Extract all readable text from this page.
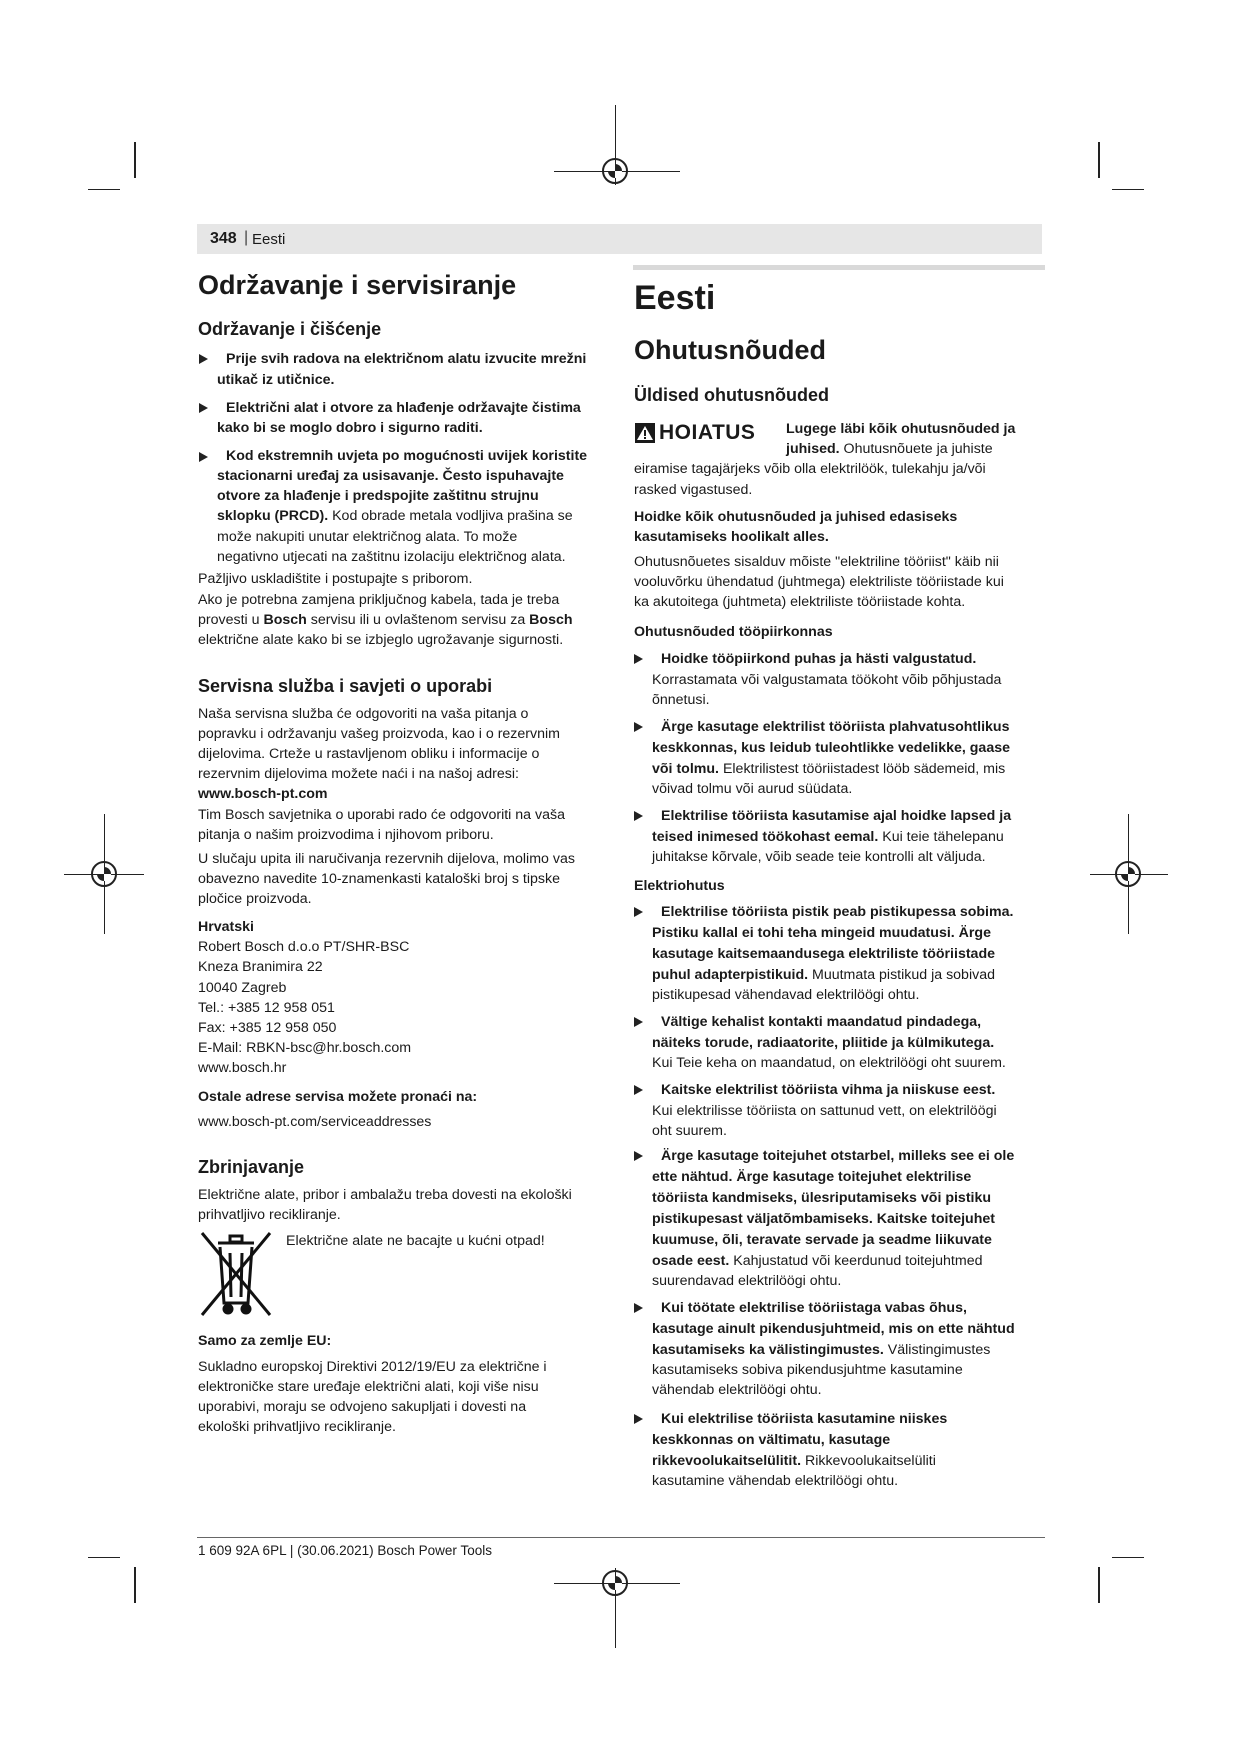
348 | Eesti
Održavanje i servisiranje
Održavanje i čišćenje
Prije svih radova na električnom alatu izvucite mrežni
utikač iz utičnice.
Električni alat i otvore za hlađenje održavajte čistima
kako bi se moglo dobro i sigurno raditi.
Kod ekstremnih uvjeta po mogućnosti uvijek koristite
stacionarni uređaj za usisavanje. Često ispuhavajte
otvore za hlađenje i predspojite zaštitnu strujnu
sklopku (PRCD). Kod obrade metala vodljiva prašina se
može nakupiti unutar električnog alata. To može
negativno utjecati na zaštitnu izolaciju električnog alata.
Pažljivo uskladištite i postupajte s priborom.
Ako je potrebna zamjena priključnog kabela, tada je treba
provesti u Bosch servisu ili u ovlaštenom servisu za Bosch
električne alate kako bi se izbjeglo ugrožavanje sigurnosti.
Servisna služba i savjeti o uporabi
Naša servisna služba će odgovoriti na vaša pitanja o
popravku i održavanju vašeg proizvoda, kao i o rezervnim
dijelovima. Crteže u rastavljenom obliku i informacije o
rezervnim dijelovima možete naći i na našoj adresi:
www.bosch-pt.com
Tim Bosch savjetnika o uporabi rado će odgovoriti na vaša
pitanja o našim proizvodima i njihovom priboru.
U slučaju upita ili naručivanja rezervnih dijelova, molimo vas
obavezno navedite 10-znamenkasti kataloški broj s tipske
pločice proizvoda.
Hrvatski
Robert Bosch d.o.o PT/SHR-BSC
Kneza Branimira 22
10040 Zagreb
Tel.: +385 12 958 051
Fax: +385 12 958 050
E-Mail: RBKN-bsc@hr.bosch.com
www.bosch.hr
Ostale adrese servisa možete pronaći na:
www.bosch-pt.com/serviceaddresses
Zbrinjavanje
Električne alate, pribor i ambalažu treba dovesti na ekološki
prihvatljivo recikliranje.
Električne alate ne bacajte u kućni otpad!
Samo za zemlje EU:
Sukladno europskoj Direktivi 2012/19/EU za električne i
elektroničke stare uređaje električni alati, koji više nisu
uporabivi, moraju se odvojeno sakupljati i dovesti na
ekološki prihvatljivo recikliranje.
Eesti
Ohutusnõuded
Üldised ohutusnõuded
HOIATUS Lugege läbi kõik ohutusnõuded ja
juhised. Ohutusnõuete ja juhiste
eiramise tagajärjeks võib olla elektrilöök, tulekahju ja/või
rasked vigastused.
Hoidke kõik ohutusnõuded ja juhised edasiseks
kasutamiseks hoolikalt alles.
Ohutusnõuetes sisalduv mõiste "elektriline tööriist" käib nii
vooluvõrku ühendatud (juhtmega) elektriliste tööriistade kui
ka akutoitega (juhtmeta) elektriliste tööriistade kohta.
Ohutusnõuded tööpiirkonnas
Hoidke tööpiirkond puhas ja hästi valgustatud.
Korrastamata või valgustamata töökoht võib põhjustada
õnnetusi.
Ärge kasutage elektrilist tööriista plahvatusohtlikus
keskkonnas, kus leidub tuleohtlikke vedelikke, gaase
või tolmu. Elektrilistest tööriistadest lööb sädemeid, mis
võivad tolmu või aurud süüdata.
Elektrilise tööriista kasutamise ajal hoidke lapsed ja
teised inimesed töökohast eemal. Kui teie tähelepanu
juhitakse kõrvale, võib seade teie kontrolli alt väljuda.
Elektriohutus
Elektrilise tööriista pistik peab pistikupessa sobima.
Pistiku kallal ei tohi teha mingeid muudatusi. Ärge
kasutage kaitsemaandusega elektriliste tööriistade
puhul adapterpistikuid. Muutmata pistikud ja sobivad
pistikupesad vähendavad elektrilöögi ohtu.
Vältige kehalist kontakti maandatud pindadega,
näiteks torude, radiaatorite, pliitide ja külmikutega.
Kui Teie keha on maandatud, on elektrilöögi oht suurem.
Kaitske elektrilist tööriista vihma ja niiskuse eest.
Kui elektrilisse tööriista on sattunud vett, on elektrilöögi
oht suurem.
Ärge kasutage toitejuhet otstarbel, milleks see ei ole
ette nähtud. Ärge kasutage toitejuhet elektrilise
tööriista kandmiseks, ülesriputamiseks või pistiku
pistikupesast väljatõmbamiseks. Kaitske toitejuhet
kuumuse, õli, teravate servade ja seadme liikuvate
osade eest. Kahjustatud või keerdunud toitejuhtmed
suurendavad elektrilöögi ohtu.
Kui töötate elektrilise tööriistaga vabas õhus,
kasutage ainult pikendusjuhtmeid, mis on ette nähtud
kasutamiseks ka välistingimustes. Välistingimustes
kasutamiseks sobiva pikendusjuhtme kasutamine
vähendab elektrilöögi ohtu.
Kui elektrilise tööriista kasutamine niiskes
keskkonnas on vältimatu, kasutage
rikkevoolukaitselülitit. Rikkevoolukaitselüliti
kasutamine vähendab elektrilöögi ohtu.
1 609 92A 6PL | (30.06.2021) Bosch Power Tools
